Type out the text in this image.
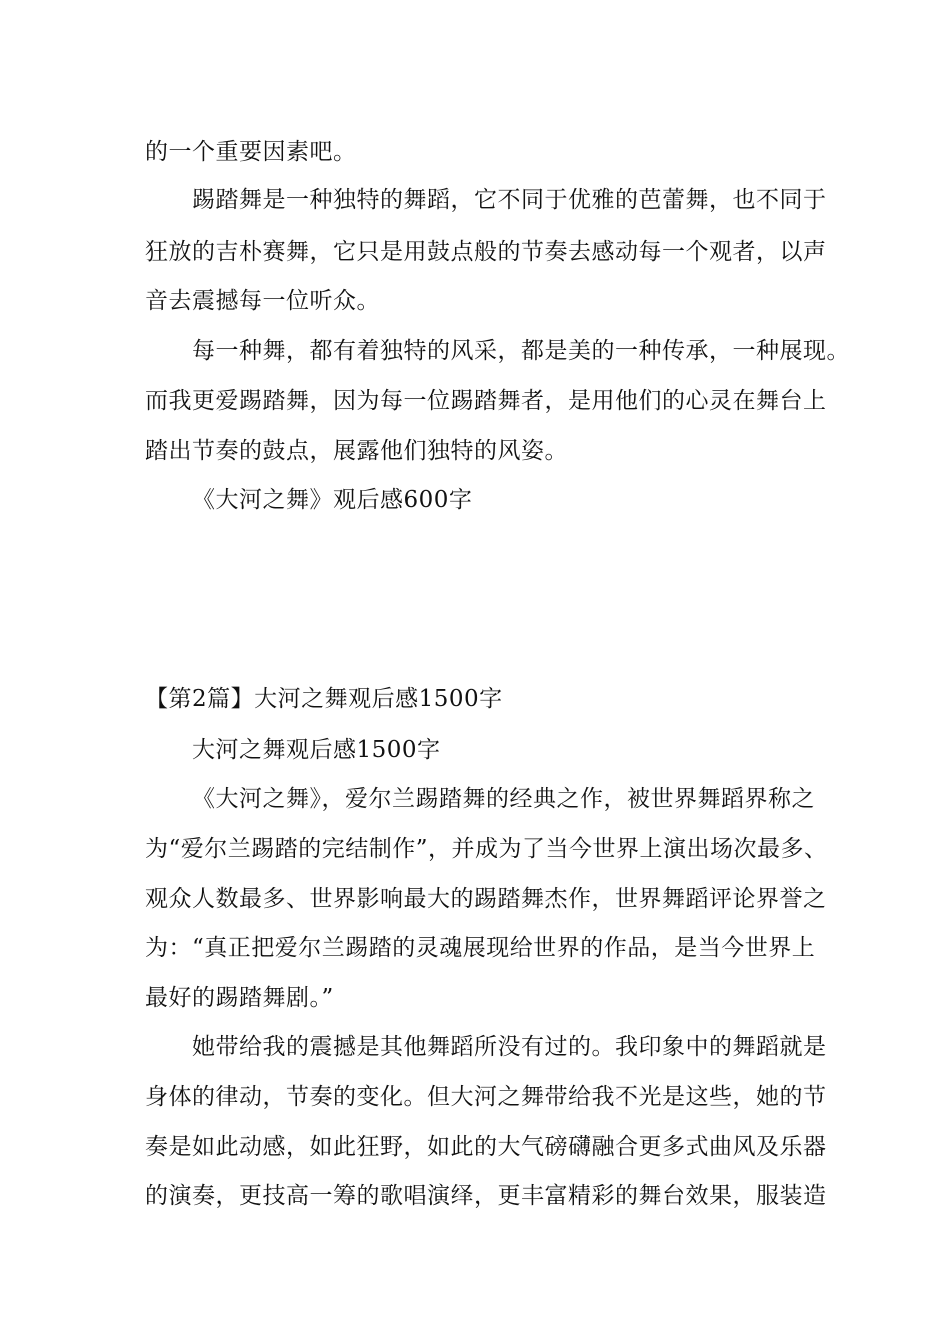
的一个重要因素吧。
踢踏舞是一种独特的舞蹈，它不同于优雅的芭蕾舞，也不同于
狂放的吉朴赛舞，它只是用鼓点般的节奏去感动每一个观者，以声
音去震撼每一位听众。
每一种舞，都有着独特的风采，都是美的一种传承，一种展现。
而我更爱踢踏舞，因为每一位踢踏舞者，是用他们的心灵在舞台上
踏出节奏的鼓点，展露他们独特的风姿。
《大河之舞》观后感600字
【第2篇】大河之舞观后感1500字
大河之舞观后感1500字
《大河之舞》，爱尔兰踢踏舞的经典之作，被世界舞蹈界称之
为“爱尔兰踢踏的完结制作”，并成为了当今世界上演出场次最多、
观众人数最多、世界影响最大的踢踏舞杰作，世界舞蹈评论界誉之
为：“真正把爱尔兰踢踏的灵魂展现给世界的作品，是当今世界上
最好的踢踏舞剧。”
她带给我的震撼是其他舞蹈所没有过的。我印象中的舞蹈就是
身体的律动，节奏的变化。但大河之舞带给我不光是这些，她的节
奏是如此动感，如此狂野，如此的大气磅礴融合更多式曲风及乐器
的演奏，更技高一筹的歌唱演绎，更丰富精彩的舞台效果，服装造
